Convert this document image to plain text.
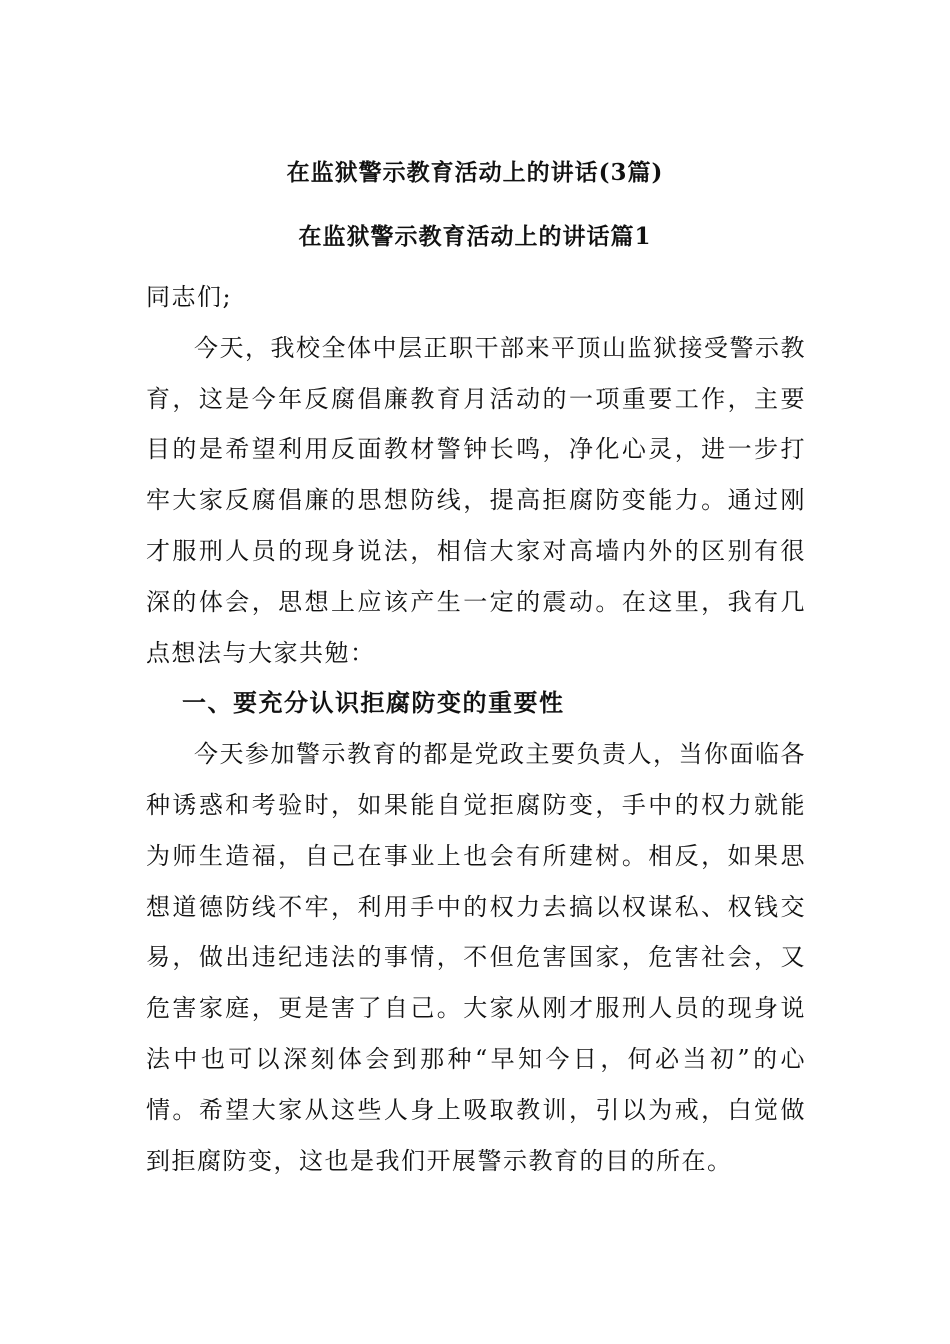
在监狱警示教育活动上的讲话(3篇)
在监狱警示教育活动上的讲话篇1

同志们;

今天，我校全体中层正职干部来平顶山监狱接受警示教育，这是今年反腐倡廉教育月活动的一项重要工作，主要目的是希望利用反面教材警钟长鸣，净化心灵，进一步打牢大家反腐倡廉的思想防线，提高拒腐防变能力。通过刚才服刑人员的现身说法，相信大家对高墙内外的区别有很深的体会，思想上应该产生一定的震动。在这里，我有几点想法与大家共勉：

一、要充分认识拒腐防变的重要性

今天参加警示教育的都是党政主要负责人，当你面临各种诱惑和考验时，如果能自觉拒腐防变，手中的权力就能为师生造福，自己在事业上也会有所建树。相反，如果思想道德防线不牢，利用手中的权力去搞以权谋私、权钱交易，做出违纪违法的事情，不但危害国家，危害社会，又危害家庭，更是害了自己。大家从刚才服刑人员的现身说法中也可以深刻体会到那种“早知今日，何必当初”的心情。希望大家从这些人身上吸取教训，引以为戒，白觉做到拒腐防变，这也是我们开展警示教育的目的所在。
